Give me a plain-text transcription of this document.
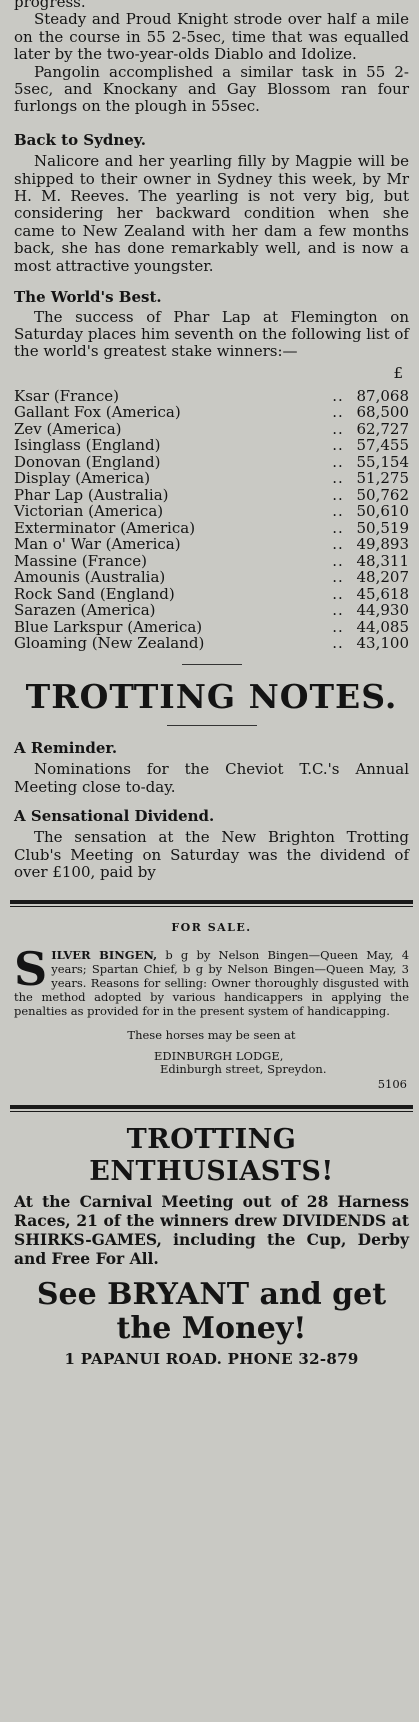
progress.

Steady and Proud Knight strode over half a mile on the course in 55 2-5sec, time that was equalled later by the two-year-olds Diablo and Idolize.

Pangolin accomplished a similar task in 55 2-5sec, and Knockany and Gay Blossom ran four furlongs on the plough in 55sec.

Back to Sydney.

Nalicore and her yearling filly by Magpie will be shipped to their owner in Sydney this week, by Mr H. M. Reeves. The yearling is not very big, but considering her backward condition when she came to New Zealand with her dam a few months back, she has done remarkably well, and is now a most attractive youngster.

The World's Best.

The success of Phar Lap at Flemington on Saturday places him seventh on the following list of the world's greatest stake winners:—

£
Ksar (France)	..	87,068
Gallant Fox (America)	..	68,500
Zev (America)	..	62,727
Isinglass (England)	..	57,455
Donovan (England)	..	55,154
Display (America)	..	51,275
Phar Lap (Australia)	..	50,762
Victorian (America)	..	50,610
Exterminator (America)	..	50,519
Man o' War (America)	..	49,893
Massine (France)	..	48,311
Amounis (Australia)	..	48,207
Rock Sand (England)	..	45,618
Sarazen (America)	..	44,930
Blue Larkspur (America)	..	44,085
Gloaming (New Zealand)	..	43,100
TROTTING NOTES.
A Reminder.

Nominations for the Cheviot T.C.'s Annual Meeting close to-day.

A Sensational Dividend.

The sensation at the New Brighton Trotting Club's Meeting on Saturday was the dividend of over £100, paid by

FOR SALE.
S ILVER BINGEN, b g by Nelson Bingen—Queen May, 4 years; Spartan Chief, b g by Nelson Bingen—Queen May, 3 years. Reasons for selling: Owner thoroughly disgusted with the method adopted by various handicappers in applying the penalties as provided for in the present system of handicapping.
These horses may be seen at
EDINBURGH LODGE,
Edinburgh street, Spreydon.
5106
TROTTING ENTHUSIASTS!

At the Carnival Meeting out of 28 Harness Races, 21 of the winners drew DIVIDENDS at SHIRKS-GAMES, including the Cup, Derby and Free For All.

See BRYANT and get the Money!
1 PAPANUI ROAD. PHONE 32-879
